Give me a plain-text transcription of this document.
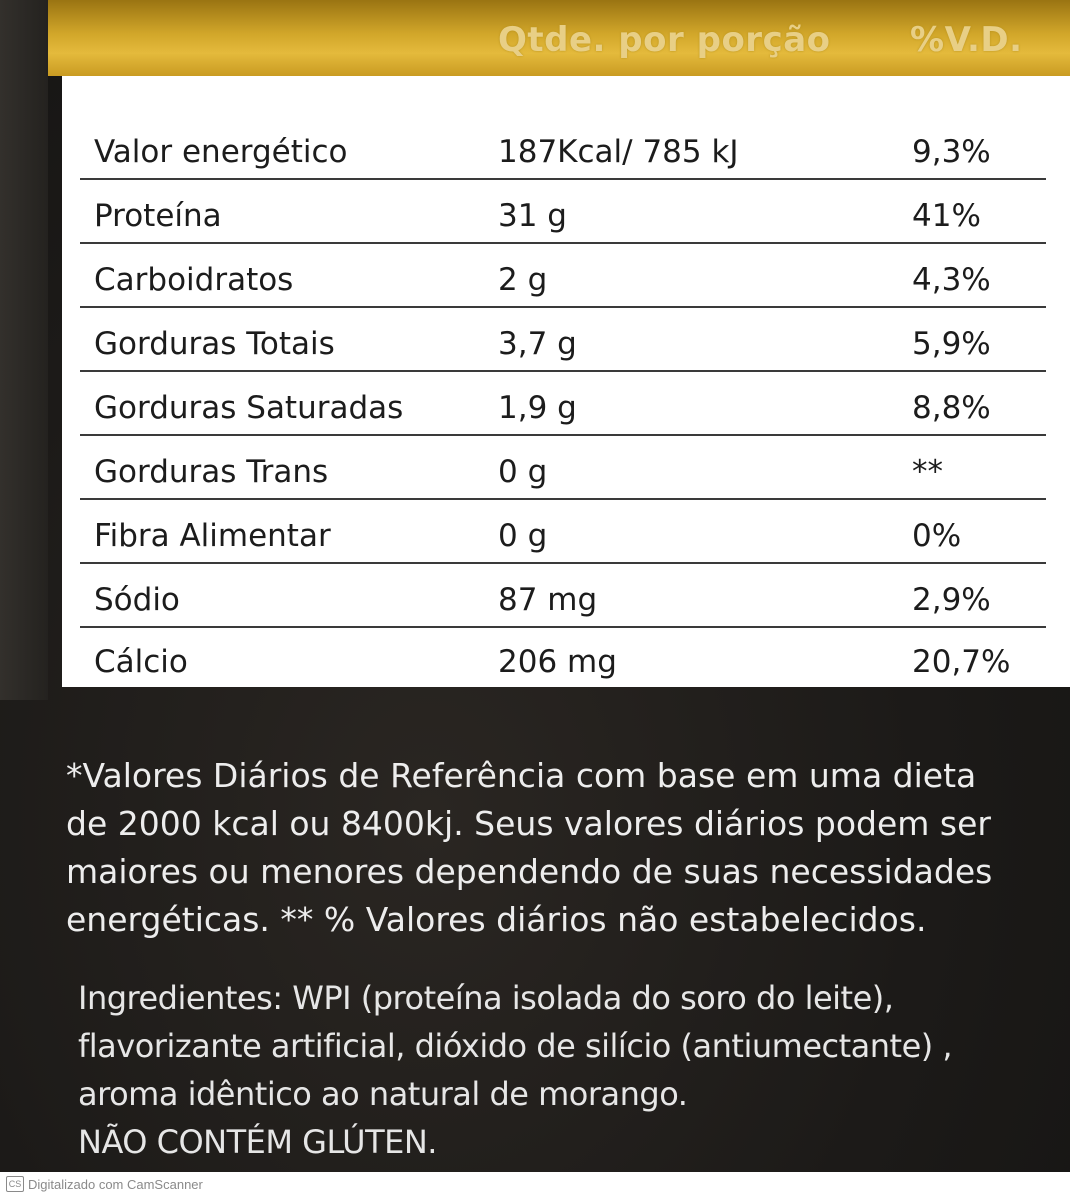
Qtde. por porção %V.D.
Valor energético	187Kcal/ 785 kJ	9,3%
Proteína	31 g	41%
Carboidratos	2 g	4,3%
Gorduras Totais	3,7 g	5,9%
Gorduras Saturadas	1,9 g	8,8%
Gorduras Trans	0 g	**
Fibra Alimentar	0 g	0%
Sódio	87 mg	2,9%
Cálcio	206 mg	20,7%
*Valores Diários de Referência com base em uma dieta
de 2000 kcal ou 8400kj. Seus valores diários podem ser
maiores ou menores dependendo de suas necessidades
energéticas. ** % Valores diários não estabelecidos.
Ingredientes: WPI (proteína isolada do soro do leite),
flavorizante artificial, dióxido de silício (antiumectante) ,
aroma idêntico ao natural de morango.
NÃO CONTÉM GLÚTEN.
CS Digitalizado com CamScanner
